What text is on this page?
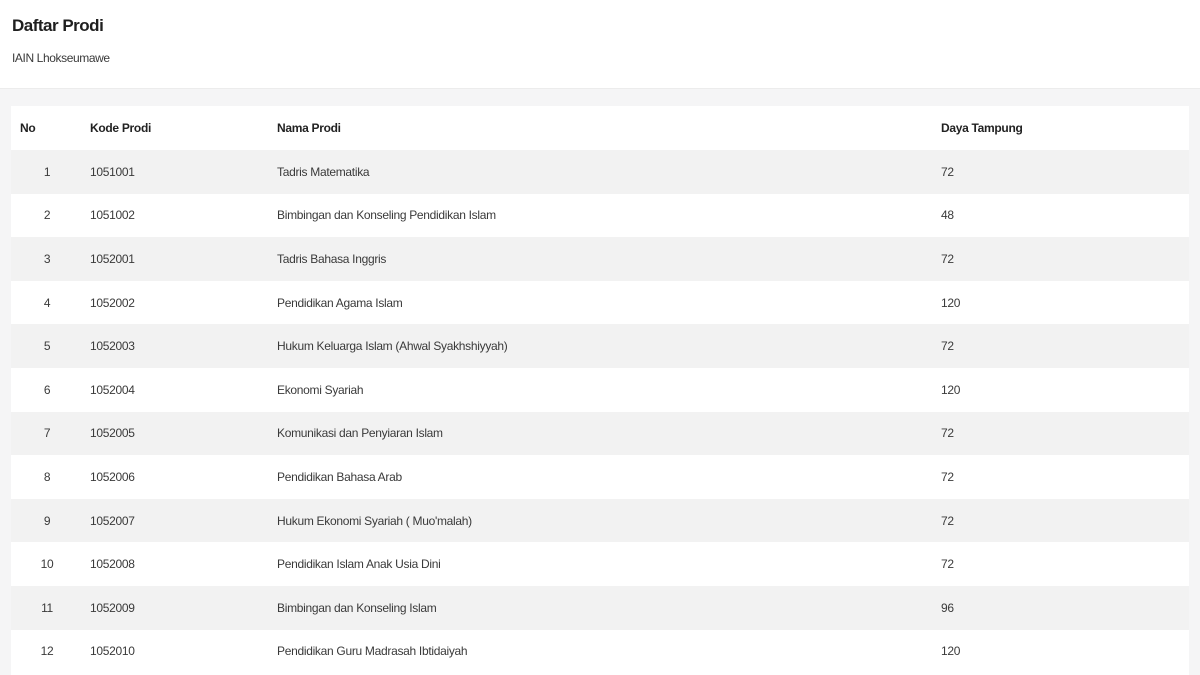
Daftar Prodi
IAIN Lhokseumawe
No	Kode Prodi	Nama Prodi	Daya Tampung
1	1051001	Tadris Matematika	72
2	1051002	Bimbingan dan Konseling Pendidikan Islam	48
3	1052001	Tadris Bahasa Inggris	72
4	1052002	Pendidikan Agama Islam	120
5	1052003	Hukum Keluarga Islam (Ahwal Syakhshiyyah)	72
6	1052004	Ekonomi Syariah	120
7	1052005	Komunikasi dan Penyiaran Islam	72
8	1052006	Pendidikan Bahasa Arab	72
9	1052007	Hukum Ekonomi Syariah ( Muo'malah)	72
10	1052008	Pendidikan Islam Anak Usia Dini	72
11	1052009	Bimbingan dan Konseling Islam	96
12	1052010	Pendidikan Guru Madrasah Ibtidaiyah	120
